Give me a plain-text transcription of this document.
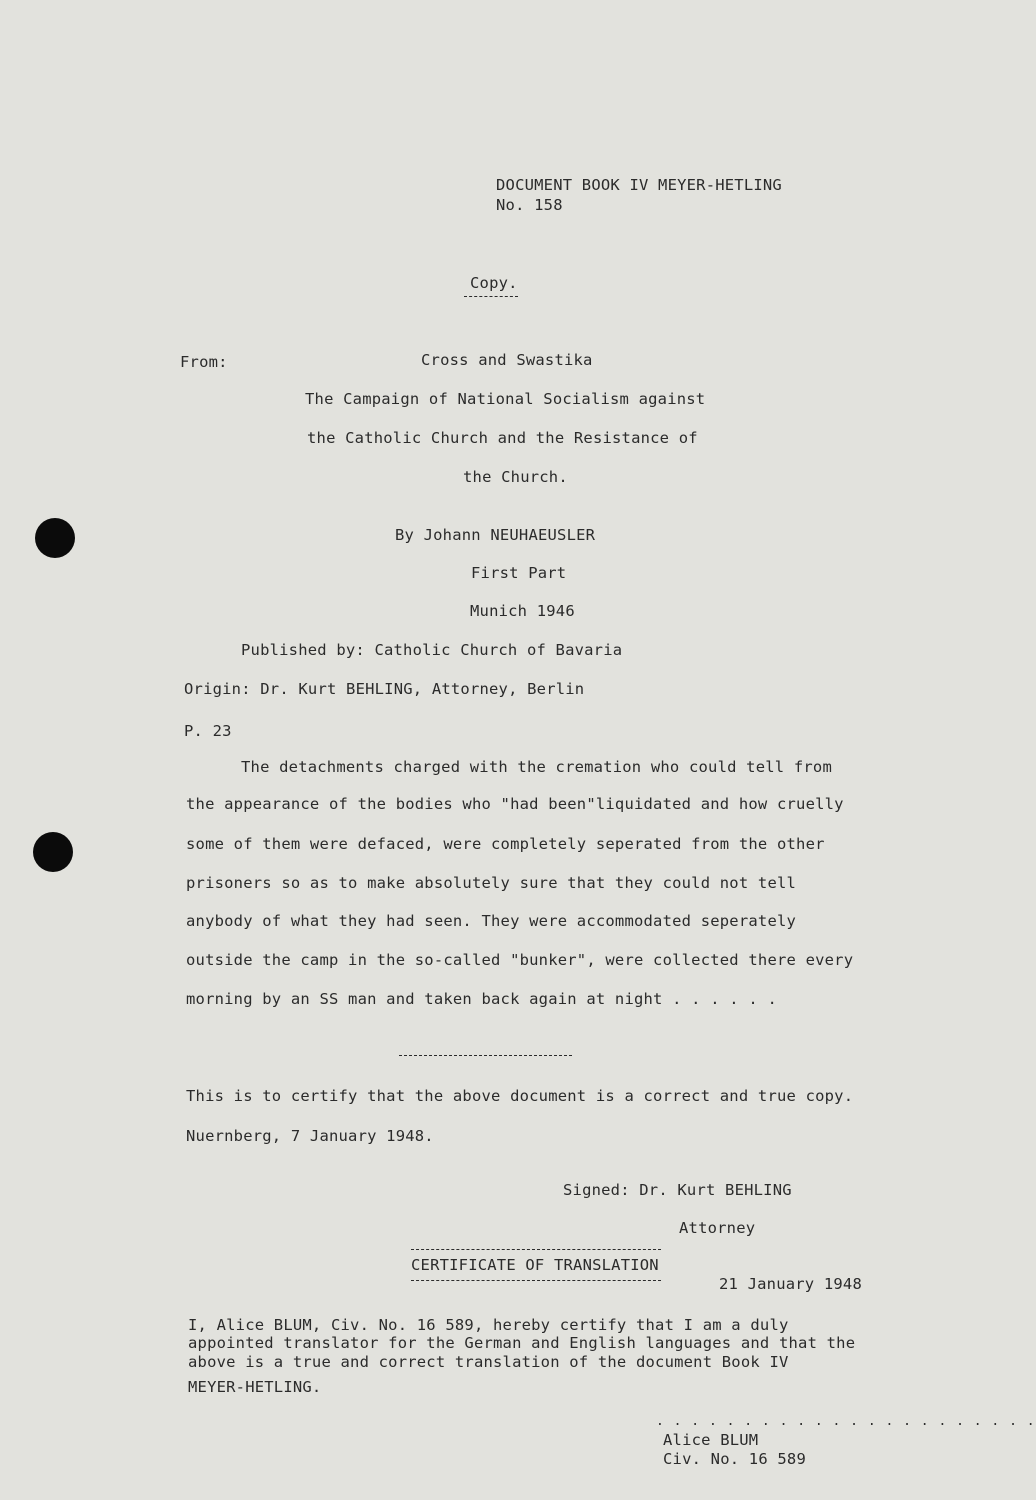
DOCUMENT BOOK IV MEYER-HETLING
No. 158
Copy.
From:	Cross and Swastika
The Campaign of National Socialism against
the Catholic Church and the Resistance of
the Church.
By Johann NEUHAEUSLER
First Part
Munich 1946
Published by: Catholic Church of Bavaria
Origin: Dr. Kurt BEHLING, Attorney, Berlin
P. 23
The detachments charged with the cremation who could tell from
the appearance of the bodies who "had been"liquidated and how cruelly
some of them were defaced, were completely seperated from the other
prisoners so as to make absolutely sure that they could not tell
anybody of what they had seen. They were accommodated seperately
outside the camp in the so-called "bunker", were collected there every
morning by an SS man and taken back again at night . . . . . .
This is to certify that the above document is a correct and true copy.
Nuernberg, 7 January 1948.
Signed: Dr. Kurt BEHLING
Attorney
CERTIFICATE OF TRANSLATION
21 January 1948
I, Alice BLUM, Civ. No. 16 589, hereby certify that I am a duly
appointed translator for the German and English languages and that the
above is a true and correct translation of the document Book IV
MEYER-HETLING.
. . . . . . . . . . . . . . . . . . . . . .
Alice BLUM
Civ. No. 16 589
